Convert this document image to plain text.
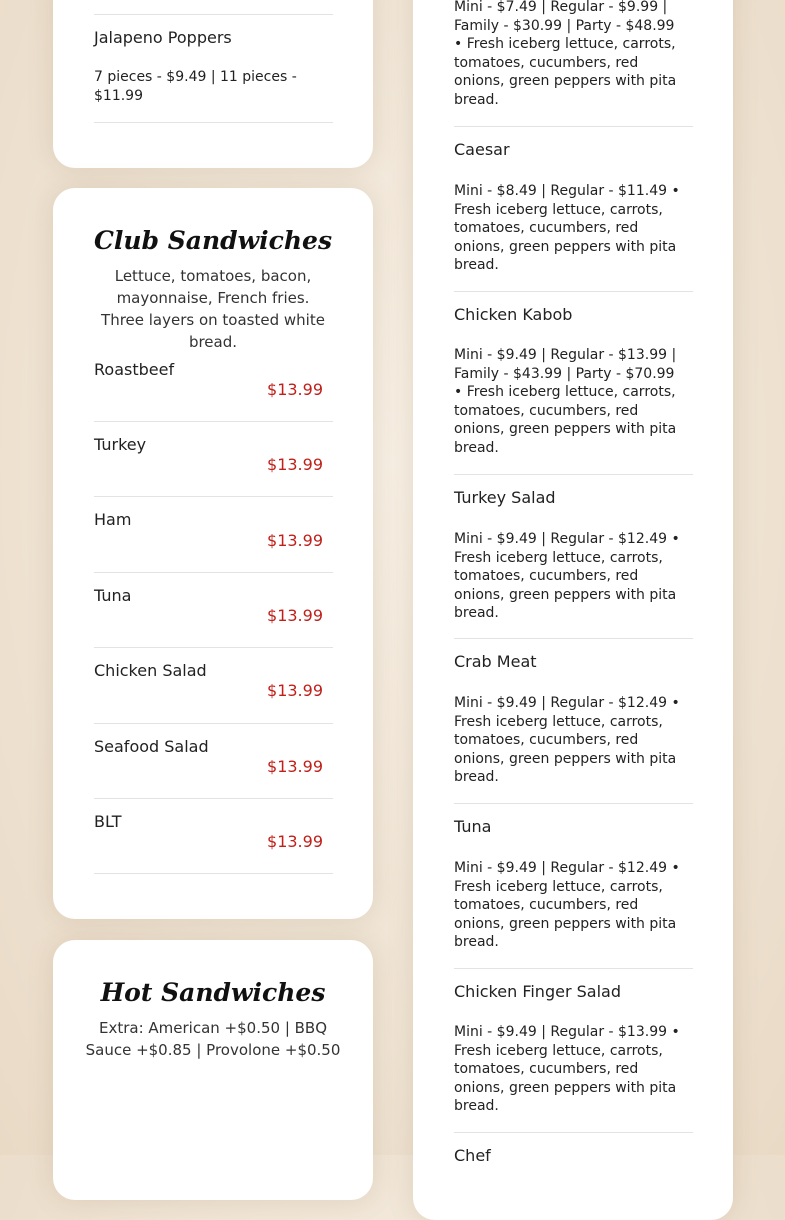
Jalapeno Poppers
7 pieces - $9.49 | 11 pieces - $11.99
Club Sandwiches
Lettuce, tomatoes, bacon, mayonnaise, French fries. Three layers on toasted white bread.
Roastbeef
$13.99
Turkey
$13.99
Ham
$13.99
Tuna
$13.99
Chicken Salad
$13.99
Seafood Salad
$13.99
BLT
$13.99
Hot Sandwiches
Extra: American +$0.50 | BBQ Sauce +$0.85 | Provolone +$0.50
Mini - $7.49 | Regular - $9.99 | Family - $30.99 | Party - $48.99 • Fresh iceberg lettuce, carrots, tomatoes, cucumbers, red onions, green peppers with pita bread.
Caesar
Mini - $8.49 | Regular - $11.49 • Fresh iceberg lettuce, carrots, tomatoes, cucumbers, red onions, green peppers with pita bread.
Chicken Kabob
Mini - $9.49 | Regular - $13.99 | Family - $43.99 | Party - $70.99 • Fresh iceberg lettuce, carrots, tomatoes, cucumbers, red onions, green peppers with pita bread.
Turkey Salad
Mini - $9.49 | Regular - $12.49 • Fresh iceberg lettuce, carrots, tomatoes, cucumbers, red onions, green peppers with pita bread.
Crab Meat
Mini - $9.49 | Regular - $12.49 • Fresh iceberg lettuce, carrots, tomatoes, cucumbers, red onions, green peppers with pita bread.
Tuna
Mini - $9.49 | Regular - $12.49 • Fresh iceberg lettuce, carrots, tomatoes, cucumbers, red onions, green peppers with pita bread.
Chicken Finger Salad
Mini - $9.49 | Regular - $13.99 • Fresh iceberg lettuce, carrots, tomatoes, cucumbers, red onions, green peppers with pita bread.
Chef
